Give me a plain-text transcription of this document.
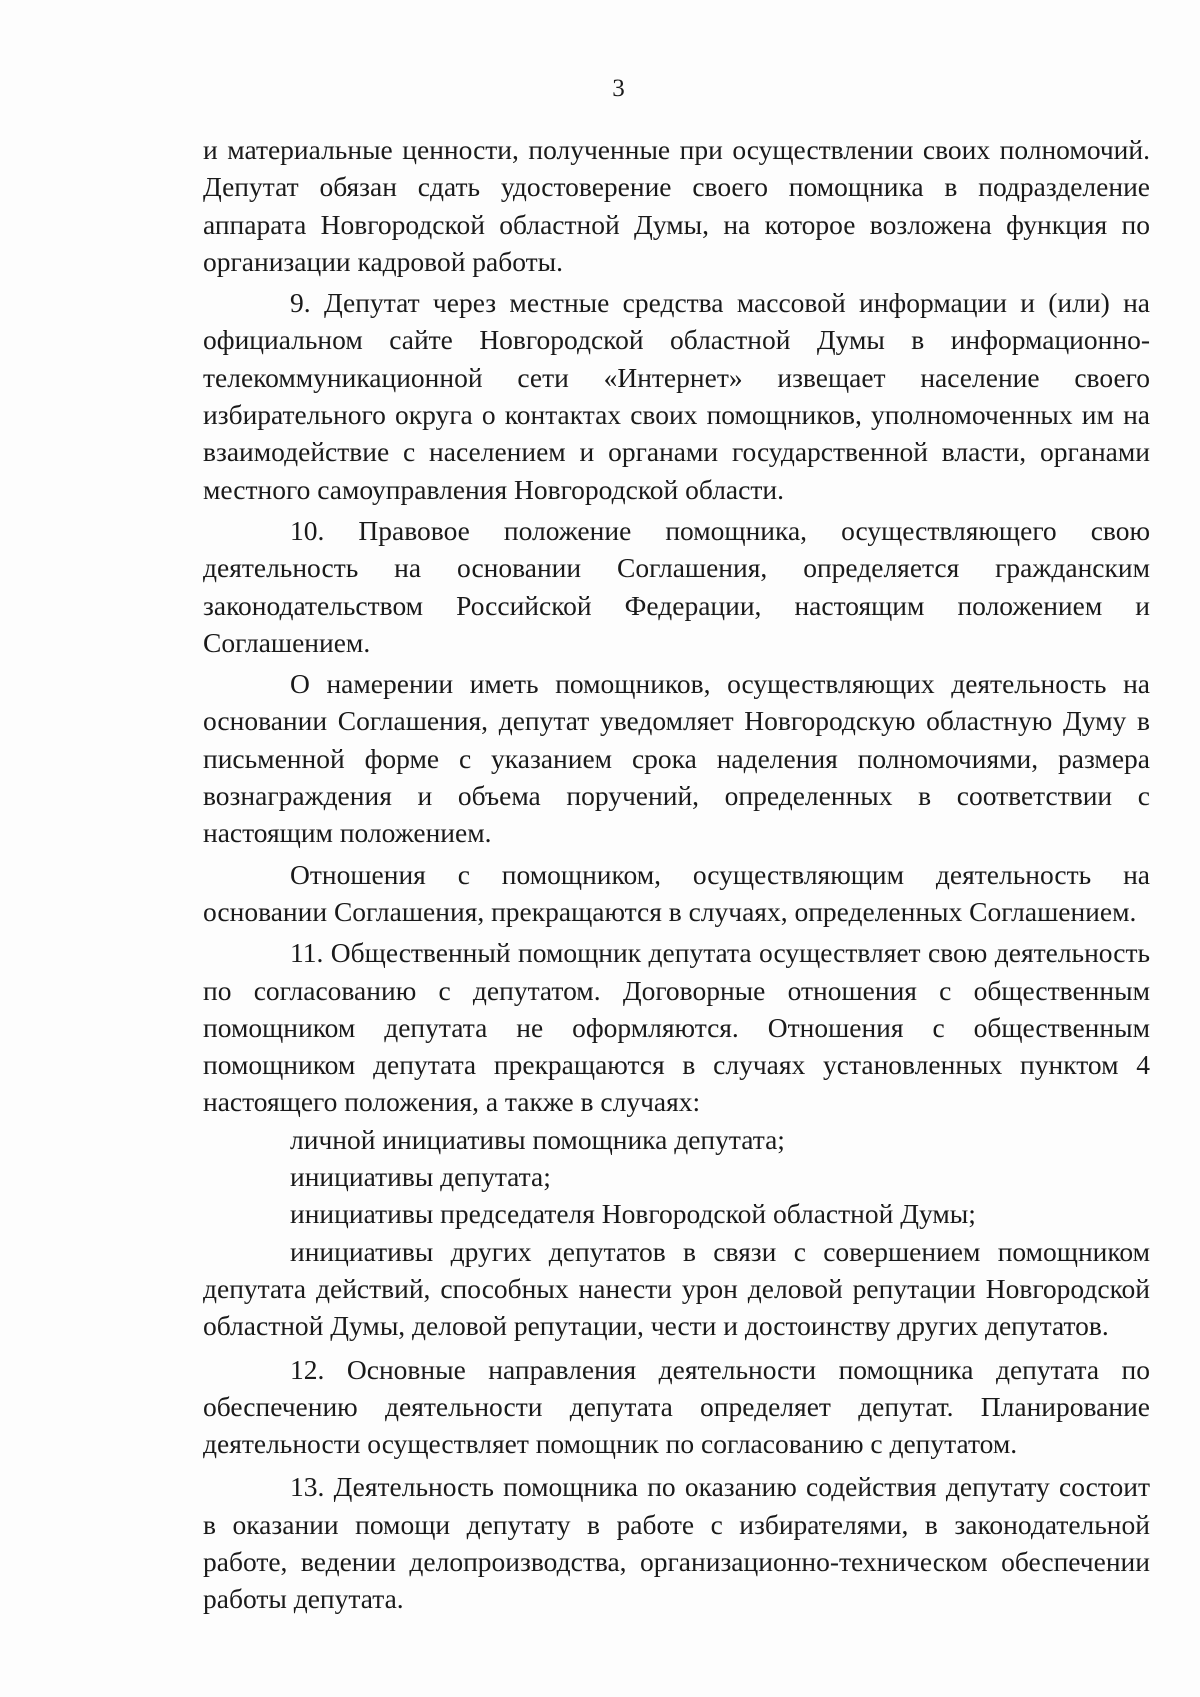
3

и материальные ценности, полученные при осуществлении своих полномочий. Депутат обязан сдать удостоверение своего помощника в подразделение аппарата Новгородской областной Думы, на которое возложена функция по организации кадровой работы.

9. Депутат через местные средства массовой информации и (или) на официальном сайте Новгородской областной Думы в информационно-телекоммуникационной сети «Интернет» извещает население своего избирательного округа о контактах своих помощников, уполномоченных им на взаимодействие с населением и органами государственной власти, органами местного самоуправления Новгородской области.

10. Правовое положение помощника, осуществляющего свою деятельность на основании Соглашения, определяется гражданским законодательством Российской Федерации, настоящим положением и Соглашением.

О намерении иметь помощников, осуществляющих деятельность на основании Соглашения, депутат уведомляет Новгородскую областную Думу в письменной форме с указанием срока наделения полномочиями, размера вознаграждения и объема поручений, определенных в соответствии с настоящим положением.

Отношения с помощником, осуществляющим деятельность на основании Соглашения, прекращаются в случаях, определенных Соглашением.

11. Общественный помощник депутата осуществляет свою деятельность по согласованию с депутатом. Договорные отношения с общественным помощником депутата не оформляются. Отношения с общественным помощником депутата прекращаются в случаях установленных пунктом 4 настоящего положения, а также в случаях:

личной инициативы помощника депутата;

инициативы депутата;

инициативы председателя Новгородской областной Думы;

инициативы других депутатов в связи с совершением помощником депутата действий, способных нанести урон деловой репутации Новгородской областной Думы, деловой репутации, чести и достоинству других депутатов.

12. Основные направления деятельности помощника депутата по обеспечению деятельности депутата определяет депутат. Планирование деятельности осуществляет помощник по согласованию с депутатом.

13. Деятельность помощника по оказанию содействия депутату состоит в оказании помощи депутату в работе с избирателями, в законодательной работе, ведении делопроизводства, организационно-техническом обеспечении работы депутата.
